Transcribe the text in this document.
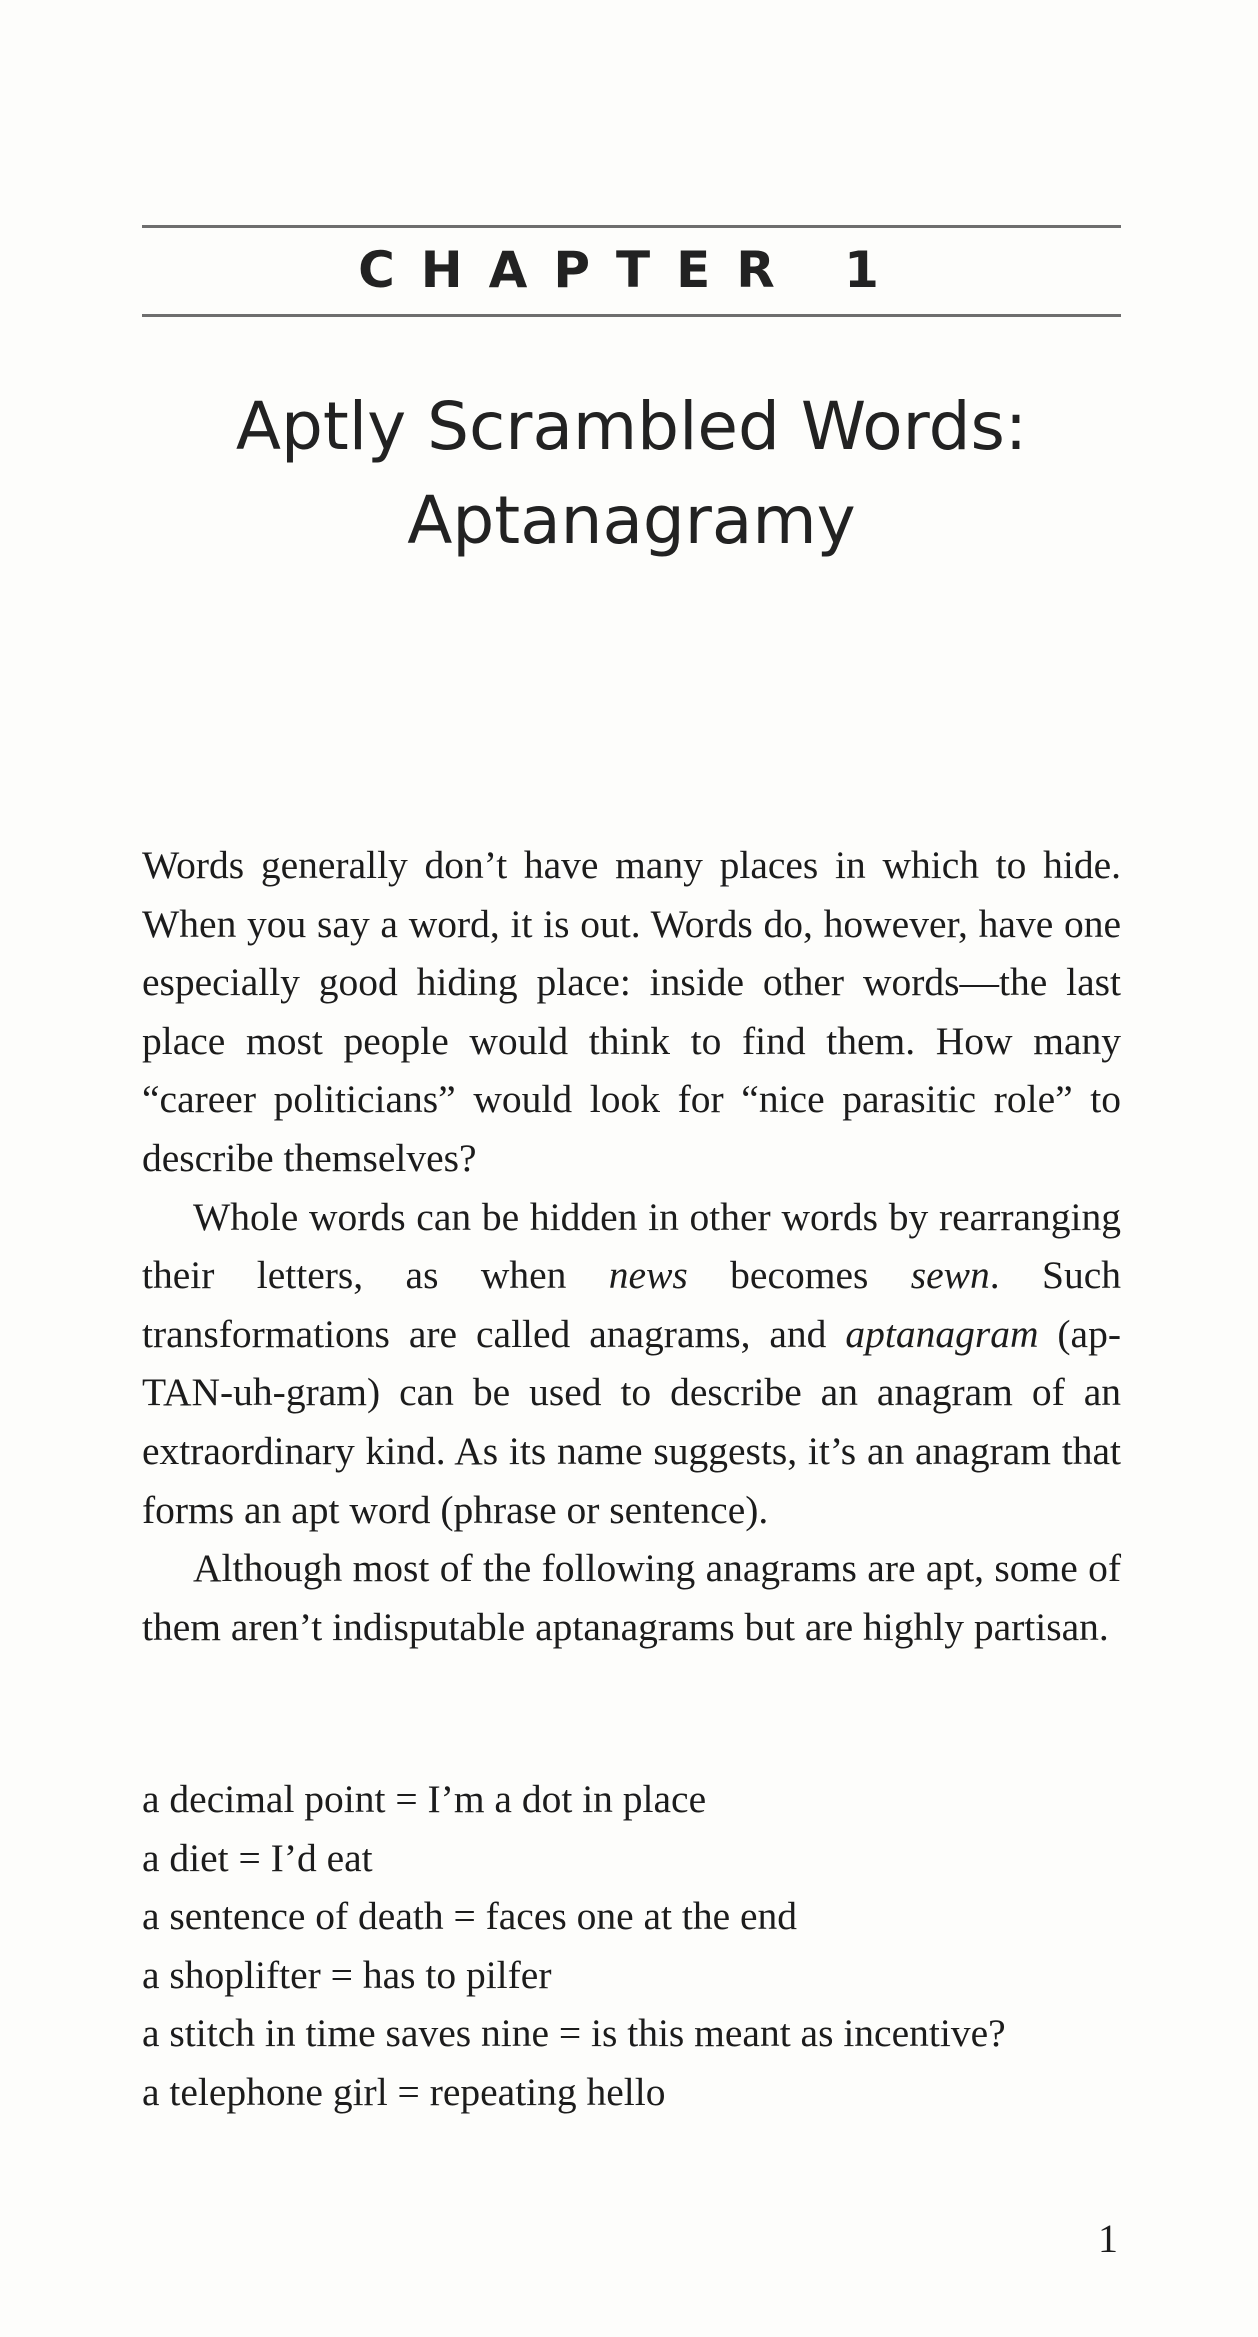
CHAPTER 1
Aptly Scrambled Words:
Aptanagramy

Words generally don’t have many places in which to hide. When you say a word, it is out. Words do, however, have one especially good hiding place: inside other words—the last place most people would think to find them. How many “career politicians” would look for “nice parasitic role” to describe themselves?

Whole words can be hidden in other words by rearranging their letters, as when news becomes sewn. Such transformations are called anagrams, and aptanagram (ap-TAN-uh-gram) can be used to describe an anagram of an extraordinary kind. As its name suggests, it’s an anagram that forms an apt word (phrase or sentence).

Although most of the following anagrams are apt, some of them aren’t indisputable aptanagrams but are highly partisan.

a decimal point = I’m a dot in place
a diet = I’d eat
a sentence of death = faces one at the end
a shoplifter = has to pilfer
a stitch in time saves nine = is this meant as incentive?
a telephone girl = repeating hello
1
